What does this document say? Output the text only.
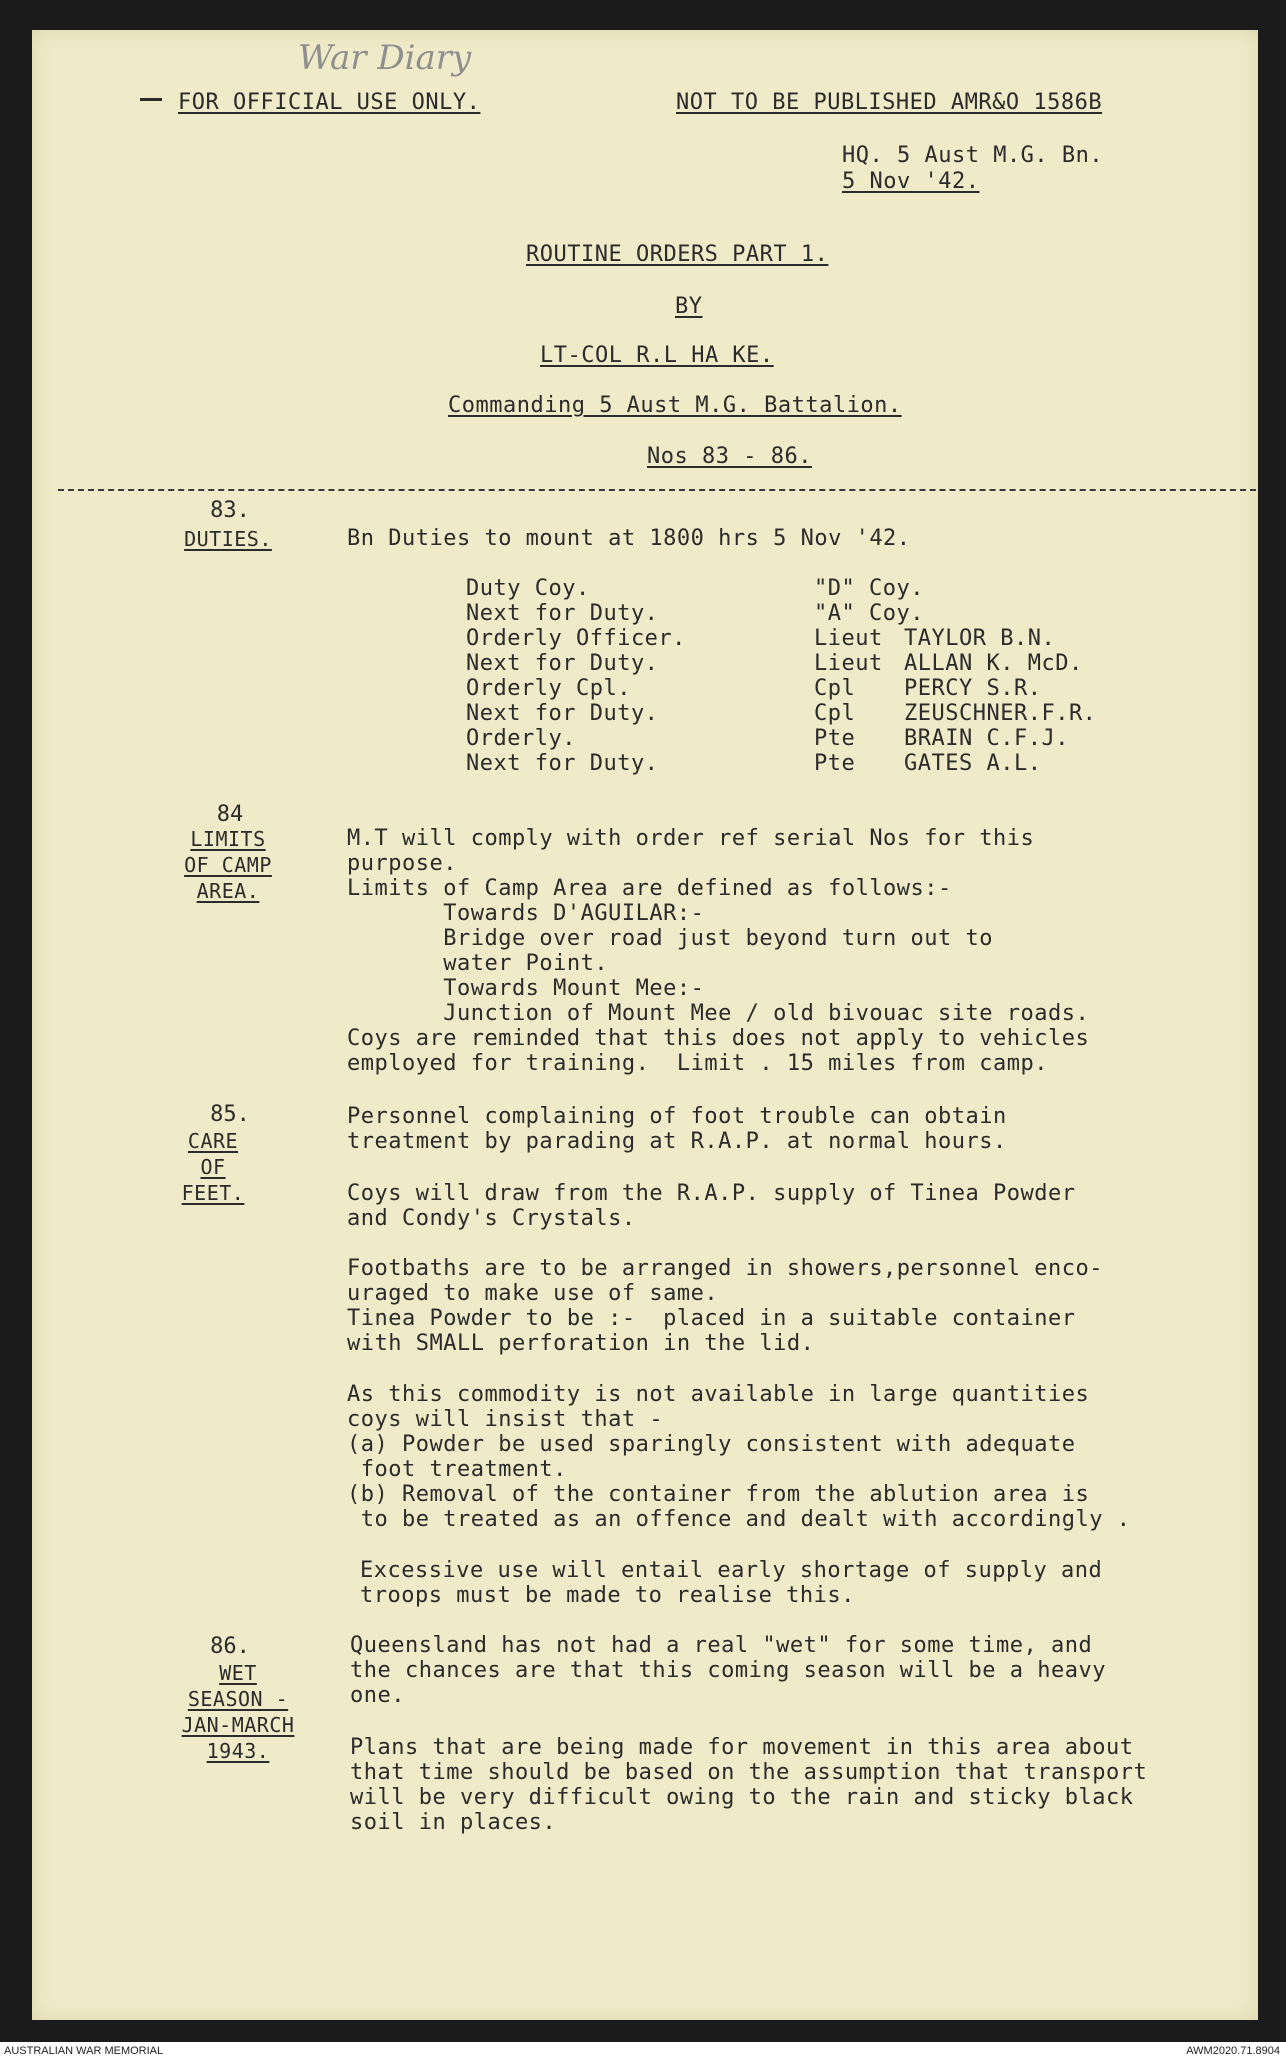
War Diary
FOR OFFICIAL USE ONLY.	NOT TO BE PUBLISHED AMR&O 1586B
HQ. 5 Aust M.G. Bn.
5 Nov '42.
ROUTINE ORDERS PART 1.
BY
LT-COL R.L HA KE.
Commanding 5 Aust M.G. Battalion.
Nos 83 - 86.
83.
DUTIES.	Bn Duties to mount at 1800 hrs 5 Nov '42.
Duty Coy.	"D" Coy.
Next for Duty.	"A" Coy.
Orderly Officer.	Lieut TAYLOR B.N.
Next for Duty.	Lieut ALLAN K. McD.
Orderly Cpl.	Cpl PERCY S.R.
Next for Duty.	Cpl ZEUSCHNER.F.R.
Orderly.	Pte BRAIN C.F.J.
Next for Duty.	Pte GATES A.L.
84
LIMITS
OF CAMP
AREA.
M.T will comply with order ref serial Nos for this
purpose.
Limits of Camp Area are defined as follows:-
Towards D'AGUILAR:-
Bridge over road just beyond turn out to
water Point.
Towards Mount Mee:-
Junction of Mount Mee / old bivouac site roads.
Coys are reminded that this does not apply to vehicles
employed for training.  Limit . 15 miles from camp.
85.
CARE
OF
FEET.
Personnel complaining of foot trouble can obtain
treatment by parading at R.A.P. at normal hours.
Coys will draw from the R.A.P. supply of Tinea Powder
and Condy's Crystals.
Footbaths are to be arranged in showers,personnel enco-
uraged to make use of same.
Tinea Powder to be :-  placed in a suitable container
with SMALL perforation in the lid.
As this commodity is not available in large quantities
coys will insist that -
(a) Powder be used sparingly consistent with adequate
foot treatment.
(b) Removal of the container from the ablution area is
to be treated as an offence and dealt with accordingly .
Excessive use will entail early shortage of supply and
troops must be made to realise this.
86.
WET
SEASON -
JAN-MARCH
1943.
Queensland has not had a real "wet" for some time, and
the chances are that this coming season will be a heavy
one.
Plans that are being made for movement in this area about
that time should be based on the assumption that transport
will be very difficult owing to the rain and sticky black
soil in places.
AUSTRALIAN WAR MEMORIAL	AWM2020.71.8904
